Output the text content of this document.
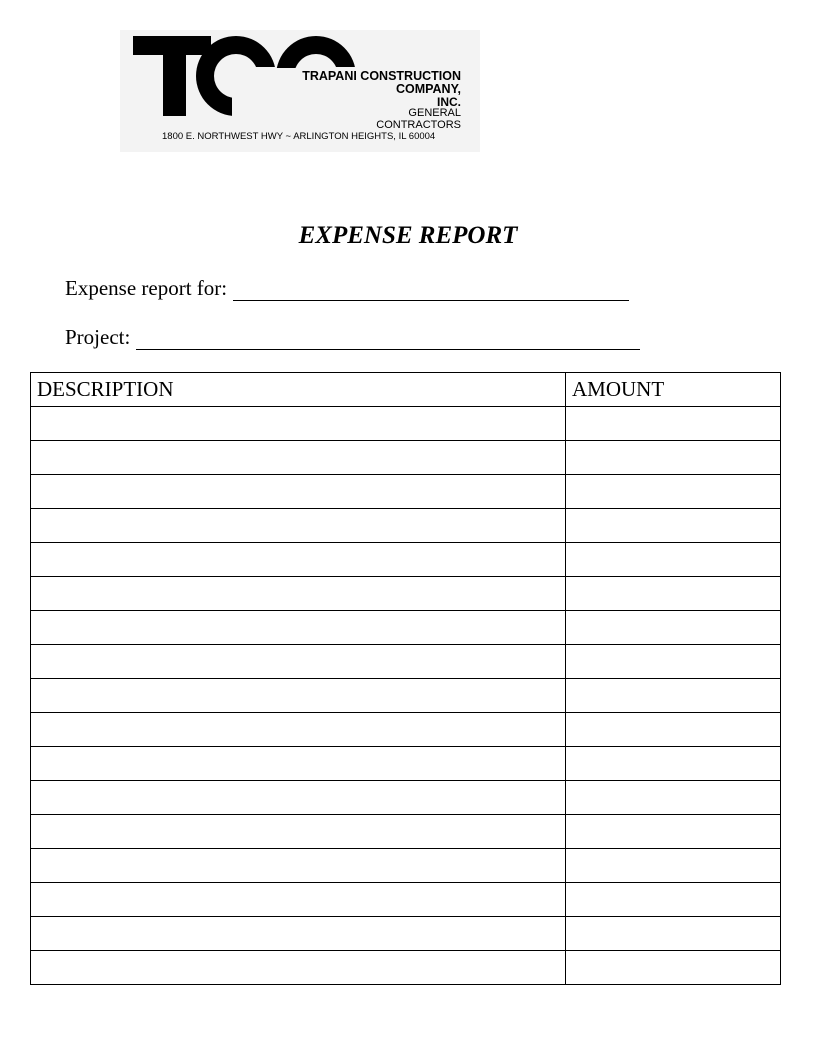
TRAPANI CONSTRUCTION
COMPANY,
INC.
GENERAL
CONTRACTORS
1800 E. NORTHWEST HWY ~ ARLINGTON HEIGHTS, IL 60004
EXPENSE REPORT
Expense report for:
Project:
DESCRIPTION	AMOUNT
